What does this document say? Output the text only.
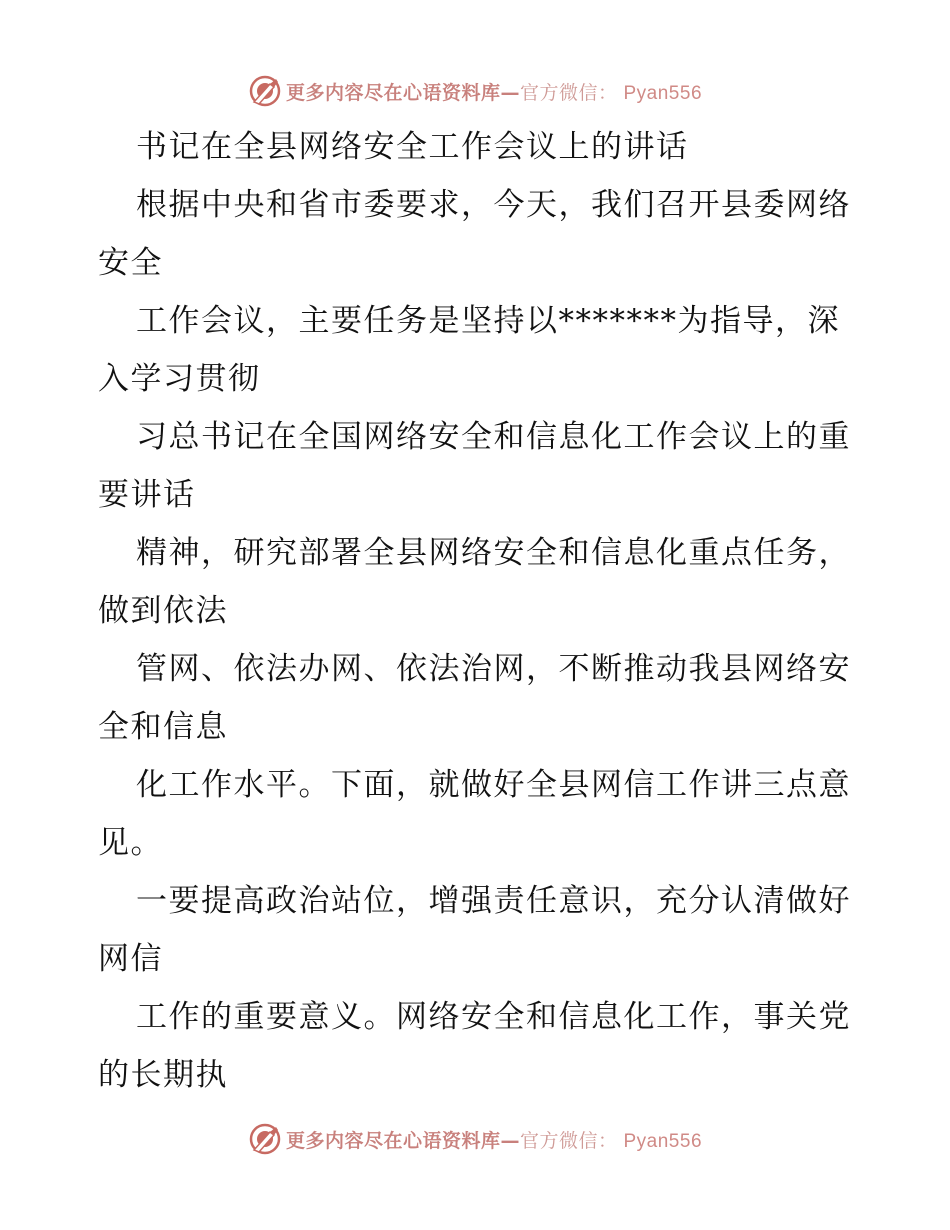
更多内容尽在心语资料库—官方微信： Pyan556

书记在全县网络安全工作会议上的讲话

根据中央和省市委要求，今天，我们召开县委网络安全

工作会议，主要任务是坚持以*******为指导，深入学习贯彻

习总书记在全国网络安全和信息化工作会议上的重要讲话

精神，研究部署全县网络安全和信息化重点任务，做到依法

管网、依法办网、依法治网，不断推动我县网络安全和信息

化工作水平。下面，就做好全县网信工作讲三点意见。

一要提高政治站位，增强责任意识，充分认清做好 网信

工作的重要意义。网络安全和信息化工作，事关党的长期执

更多内容尽在心语资料库—官方微信： Pyan556
